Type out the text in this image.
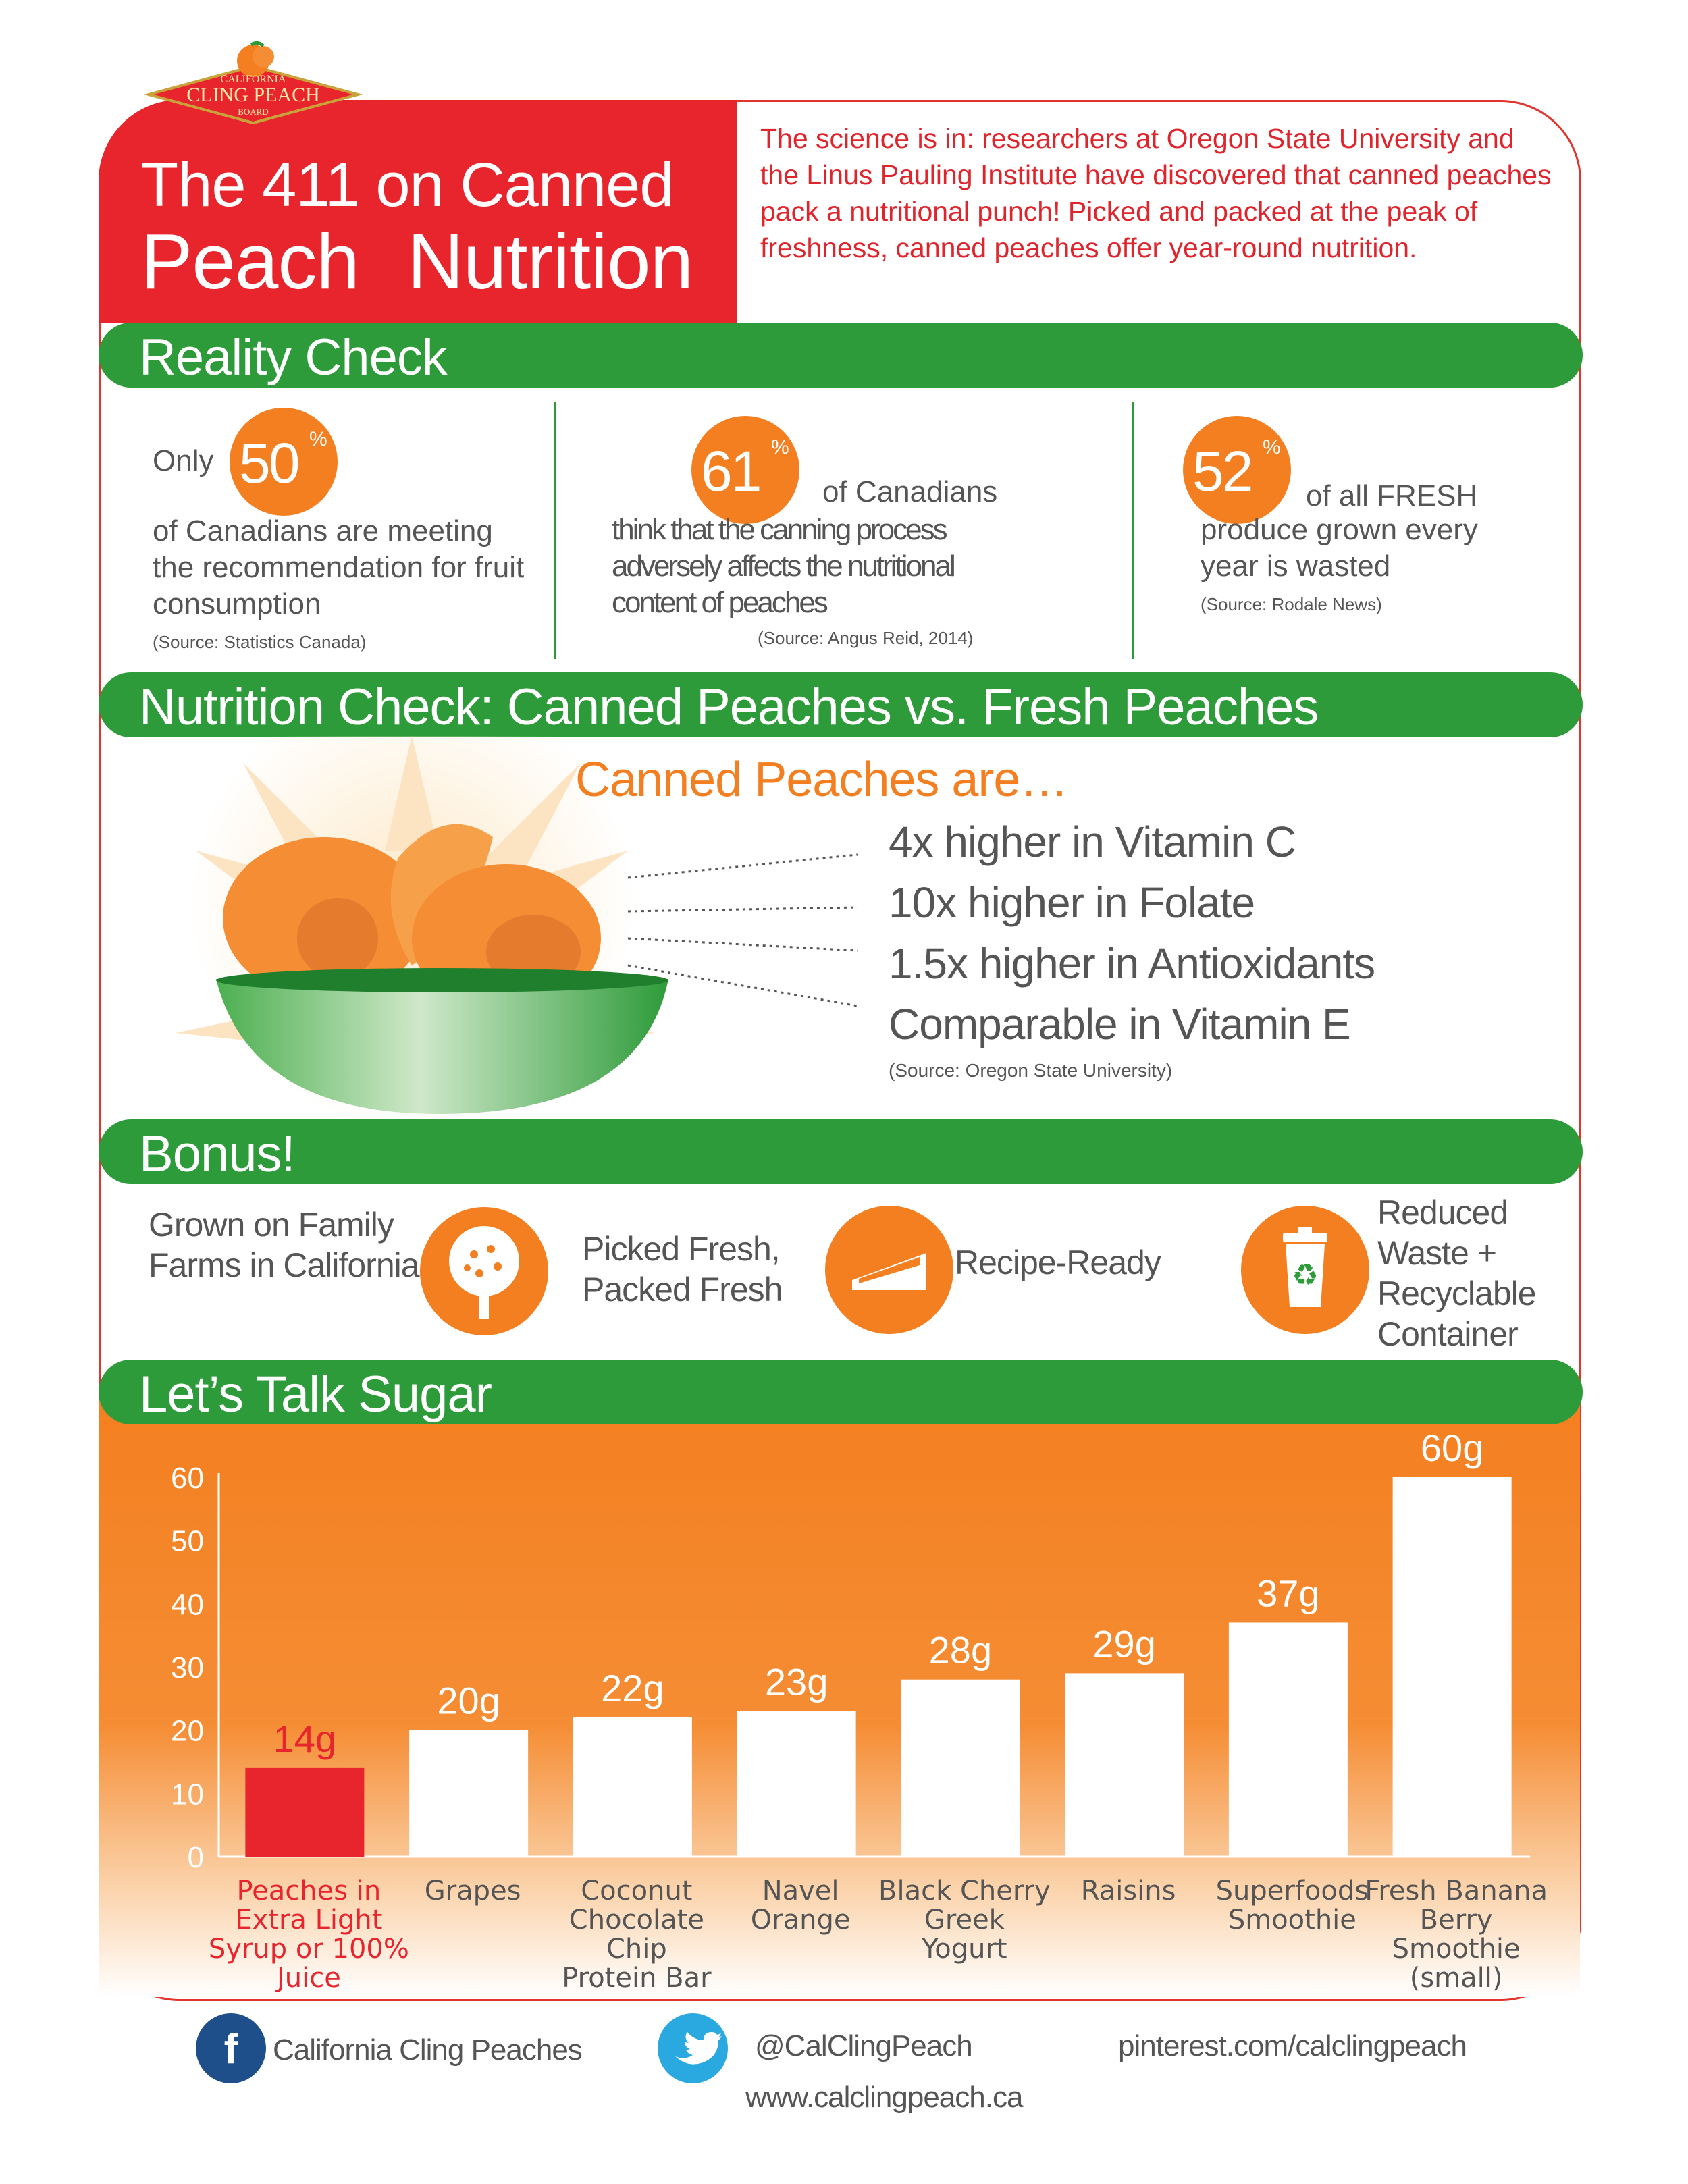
CALIFORNIA
CLING PEACH
BOARD
The 411 on Canned
Peach Nutrition
The science is in: researchers at Oregon State University and the Linus Pauling Institute have discovered that canned peaches pack a nutritional punch! Picked and packed at the peak of freshness, canned peaches offer year-round nutrition.
Reality Check
Only 50 %
of Canadians are meeting the recommendation for fruit consumption
(Source: Statistics Canada)
61 %
of Canadians
think that the canning process adversely affects the nutritional content of peaches
(Source: Angus Reid, 2014)
52 %
of all FRESH
produce grown every year is wasted
(Source: Rodale News)
Nutrition Check: Canned Peaches vs. Fresh Peaches
Canned Peaches are…
4x higher in Vitamin C
10x higher in Folate
1.5x higher in Antioxidants
Comparable in Vitamin E
(Source: Oregon State University)
Bonus!
Grown on Family Farms in California	Picked Fresh, Packed Fresh
Recipe-Ready	♻
Reduced Waste + Recyclable Container
Let’s Talk Sugar
0
10
20
30
40
50
60
14g
Peaches in
Extra Light
Syrup or 100%
Juice
20g
Grapes
22g
Coconut
Chocolate
Chip
Protein Bar
23g
Navel
Orange
28g
Black Cherry
Greek
Yogurt
29g
Raisins
37g
Superfoods
Smoothie
60g
Fresh Banana
Berry
Smoothie
(small)
f California Cling Peaches	@CalClingPeach	pinterest.com/calclingpeach
www.calclingpeach.ca
